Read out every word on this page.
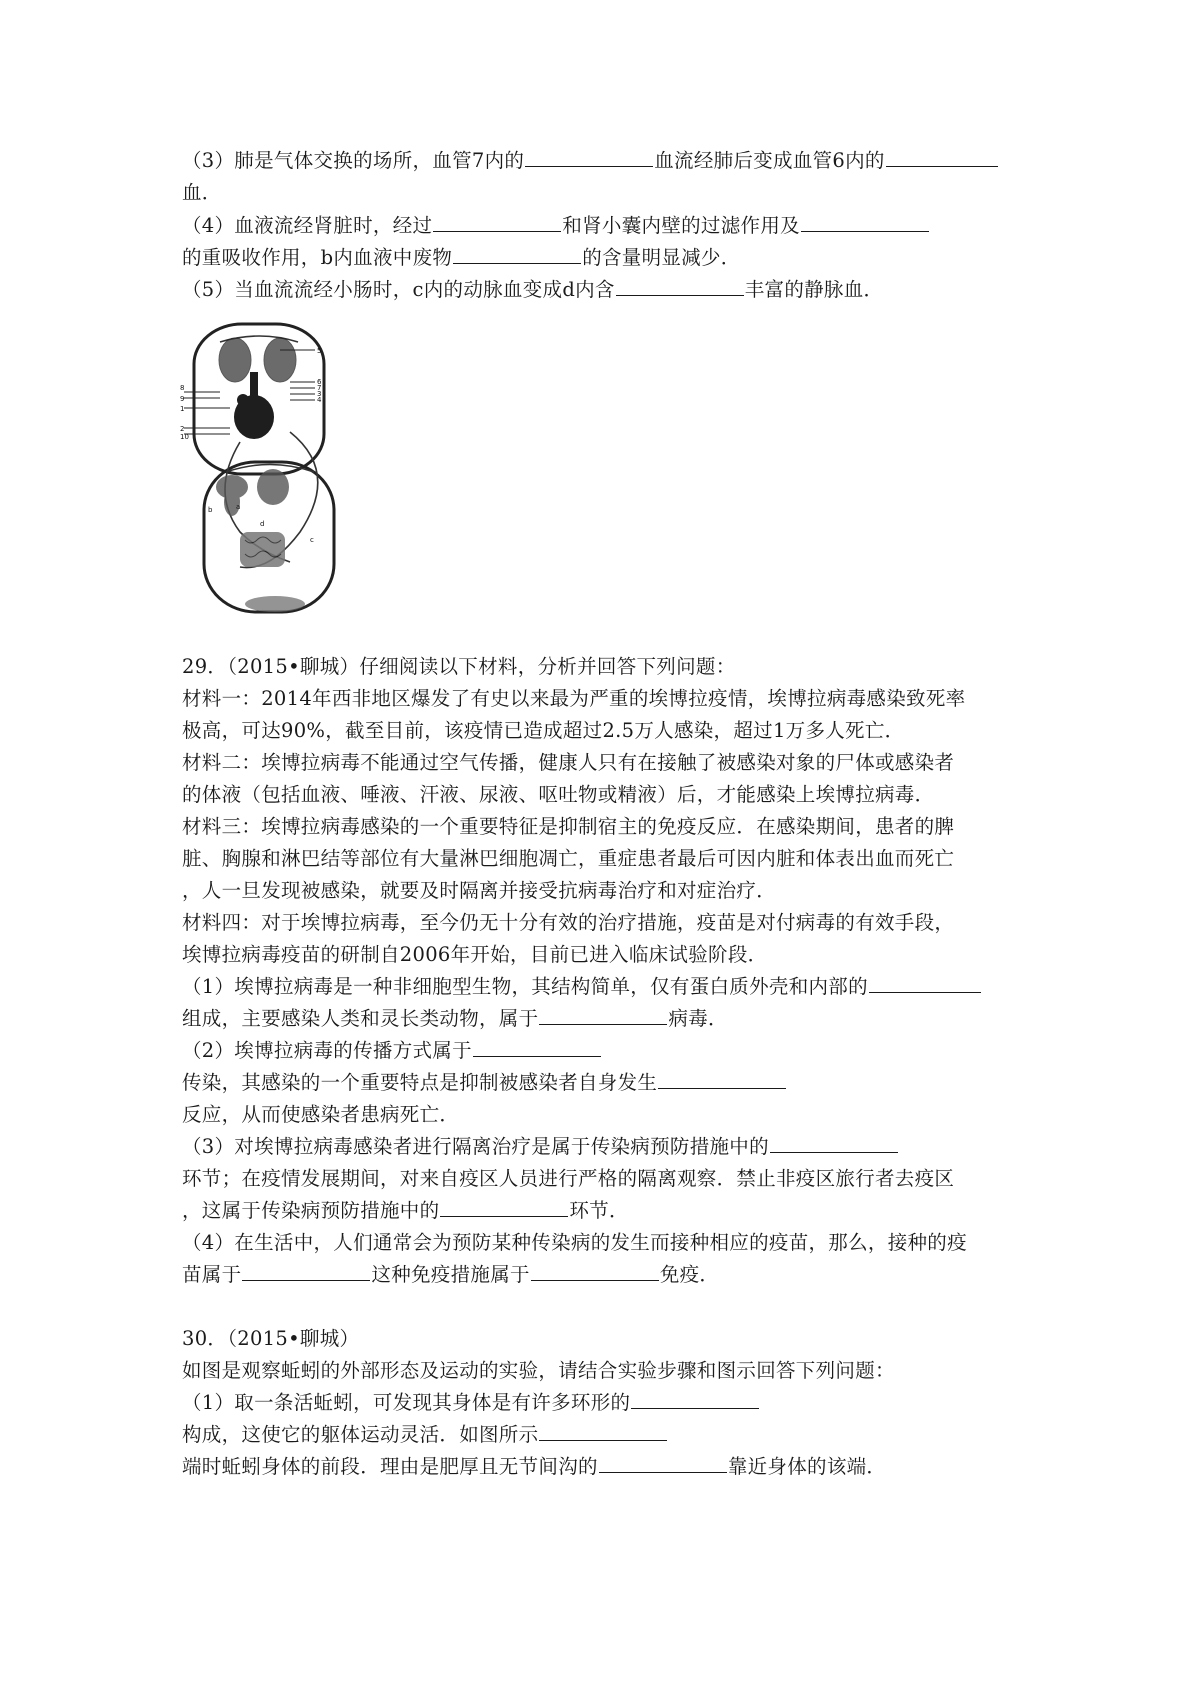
（3）肺是气体交换的场所，血管7内的	血流经肺后变成血管6内的
血．
（4）血液流经肾脏时，经过	和肾小囊内壁的过滤作用及
的重吸收作用，b内血液中废物	的含量明显减少．
（5）当血流流经小肠时，c内的动脉血变成d内含	丰富的静脉血．
5
6
7
3
4
8
9
1
2
10
b	a
d
c
29．（2015•聊城）仔细阅读以下材料，分析并回答下列问题：
材料一：2014年西非地区爆发了有史以来最为严重的埃博拉疫情，埃博拉病毒感染致死率
极高，可达90%，截至目前，该疫情已造成超过2.5万人感染，超过1万多人死亡．
材料二：埃博拉病毒不能通过空气传播，健康人只有在接触了被感染对象的尸体或感染者
的体液（包括血液、唾液、汗液、尿液、呕吐物或精液）后，才能感染上埃博拉病毒．
材料三：埃博拉病毒感染的一个重要特征是抑制宿主的免疫反应．在感染期间，患者的脾
脏、胸腺和淋巴结等部位有大量淋巴细胞凋亡，重症患者最后可因内脏和体表出血而死亡
，人一旦发现被感染，就要及时隔离并接受抗病毒治疗和对症治疗．
材料四：对于埃博拉病毒，至今仍无十分有效的治疗措施，疫苗是对付病毒的有效手段，
埃博拉病毒疫苗的研制自2006年开始，目前已进入临床试验阶段．
（1）埃博拉病毒是一种非细胞型生物，其结构简单，仅有蛋白质外壳和内部的
组成，主要感染人类和灵长类动物，属于	病毒．
（2）埃博拉病毒的传播方式属于
传染，其感染的一个重要特点是抑制被感染者自身发生
反应，从而使感染者患病死亡．
（3）对埃博拉病毒感染者进行隔离治疗是属于传染病预防措施中的
环节；在疫情发展期间，对来自疫区人员进行严格的隔离观察．禁止非疫区旅行者去疫区
，这属于传染病预防措施中的	环节．
（4）在生活中，人们通常会为预防某种传染病的发生而接种相应的疫苗，那么，接种的疫
苗属于	这种免疫措施属于	免疫．
30．（2015•聊城）
如图是观察蚯蚓的外部形态及运动的实验，请结合实验步骤和图示回答下列问题：
（1）取一条活蚯蚓，可发现其身体是有许多环形的
构成，这使它的躯体运动灵活．如图所示
端时蚯蚓身体的前段．理由是肥厚且无节间沟的	靠近身体的该端．
